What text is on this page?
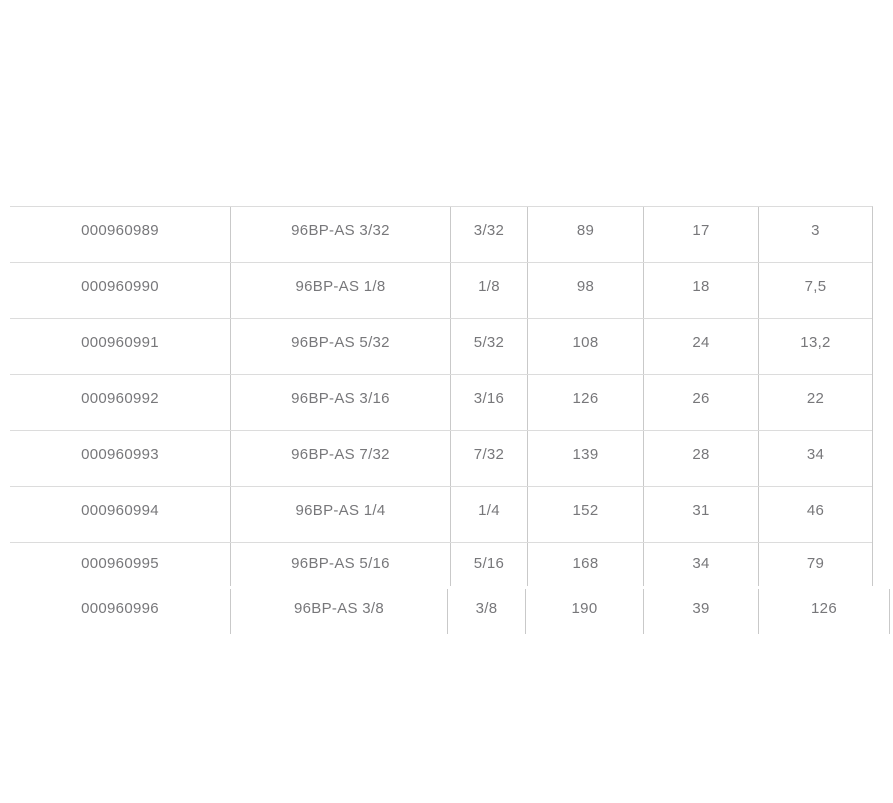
000960989	96BP-AS 3/32	3/32	89	17	3
000960990	96BP-AS 1/8	1/8	98	18	7,5
000960991	96BP-AS 5/32	5/32	108	24	13,2
000960992	96BP-AS 3/16	3/16	126	26	22
000960993	96BP-AS 7/32	7/32	139	28	34
000960994	96BP-AS 1/4	1/4	152	31	46
000960995	96BP-AS 5/16	5/16	168	34	79
000960996	96BP-AS 3/8	3/8	190	39	126
